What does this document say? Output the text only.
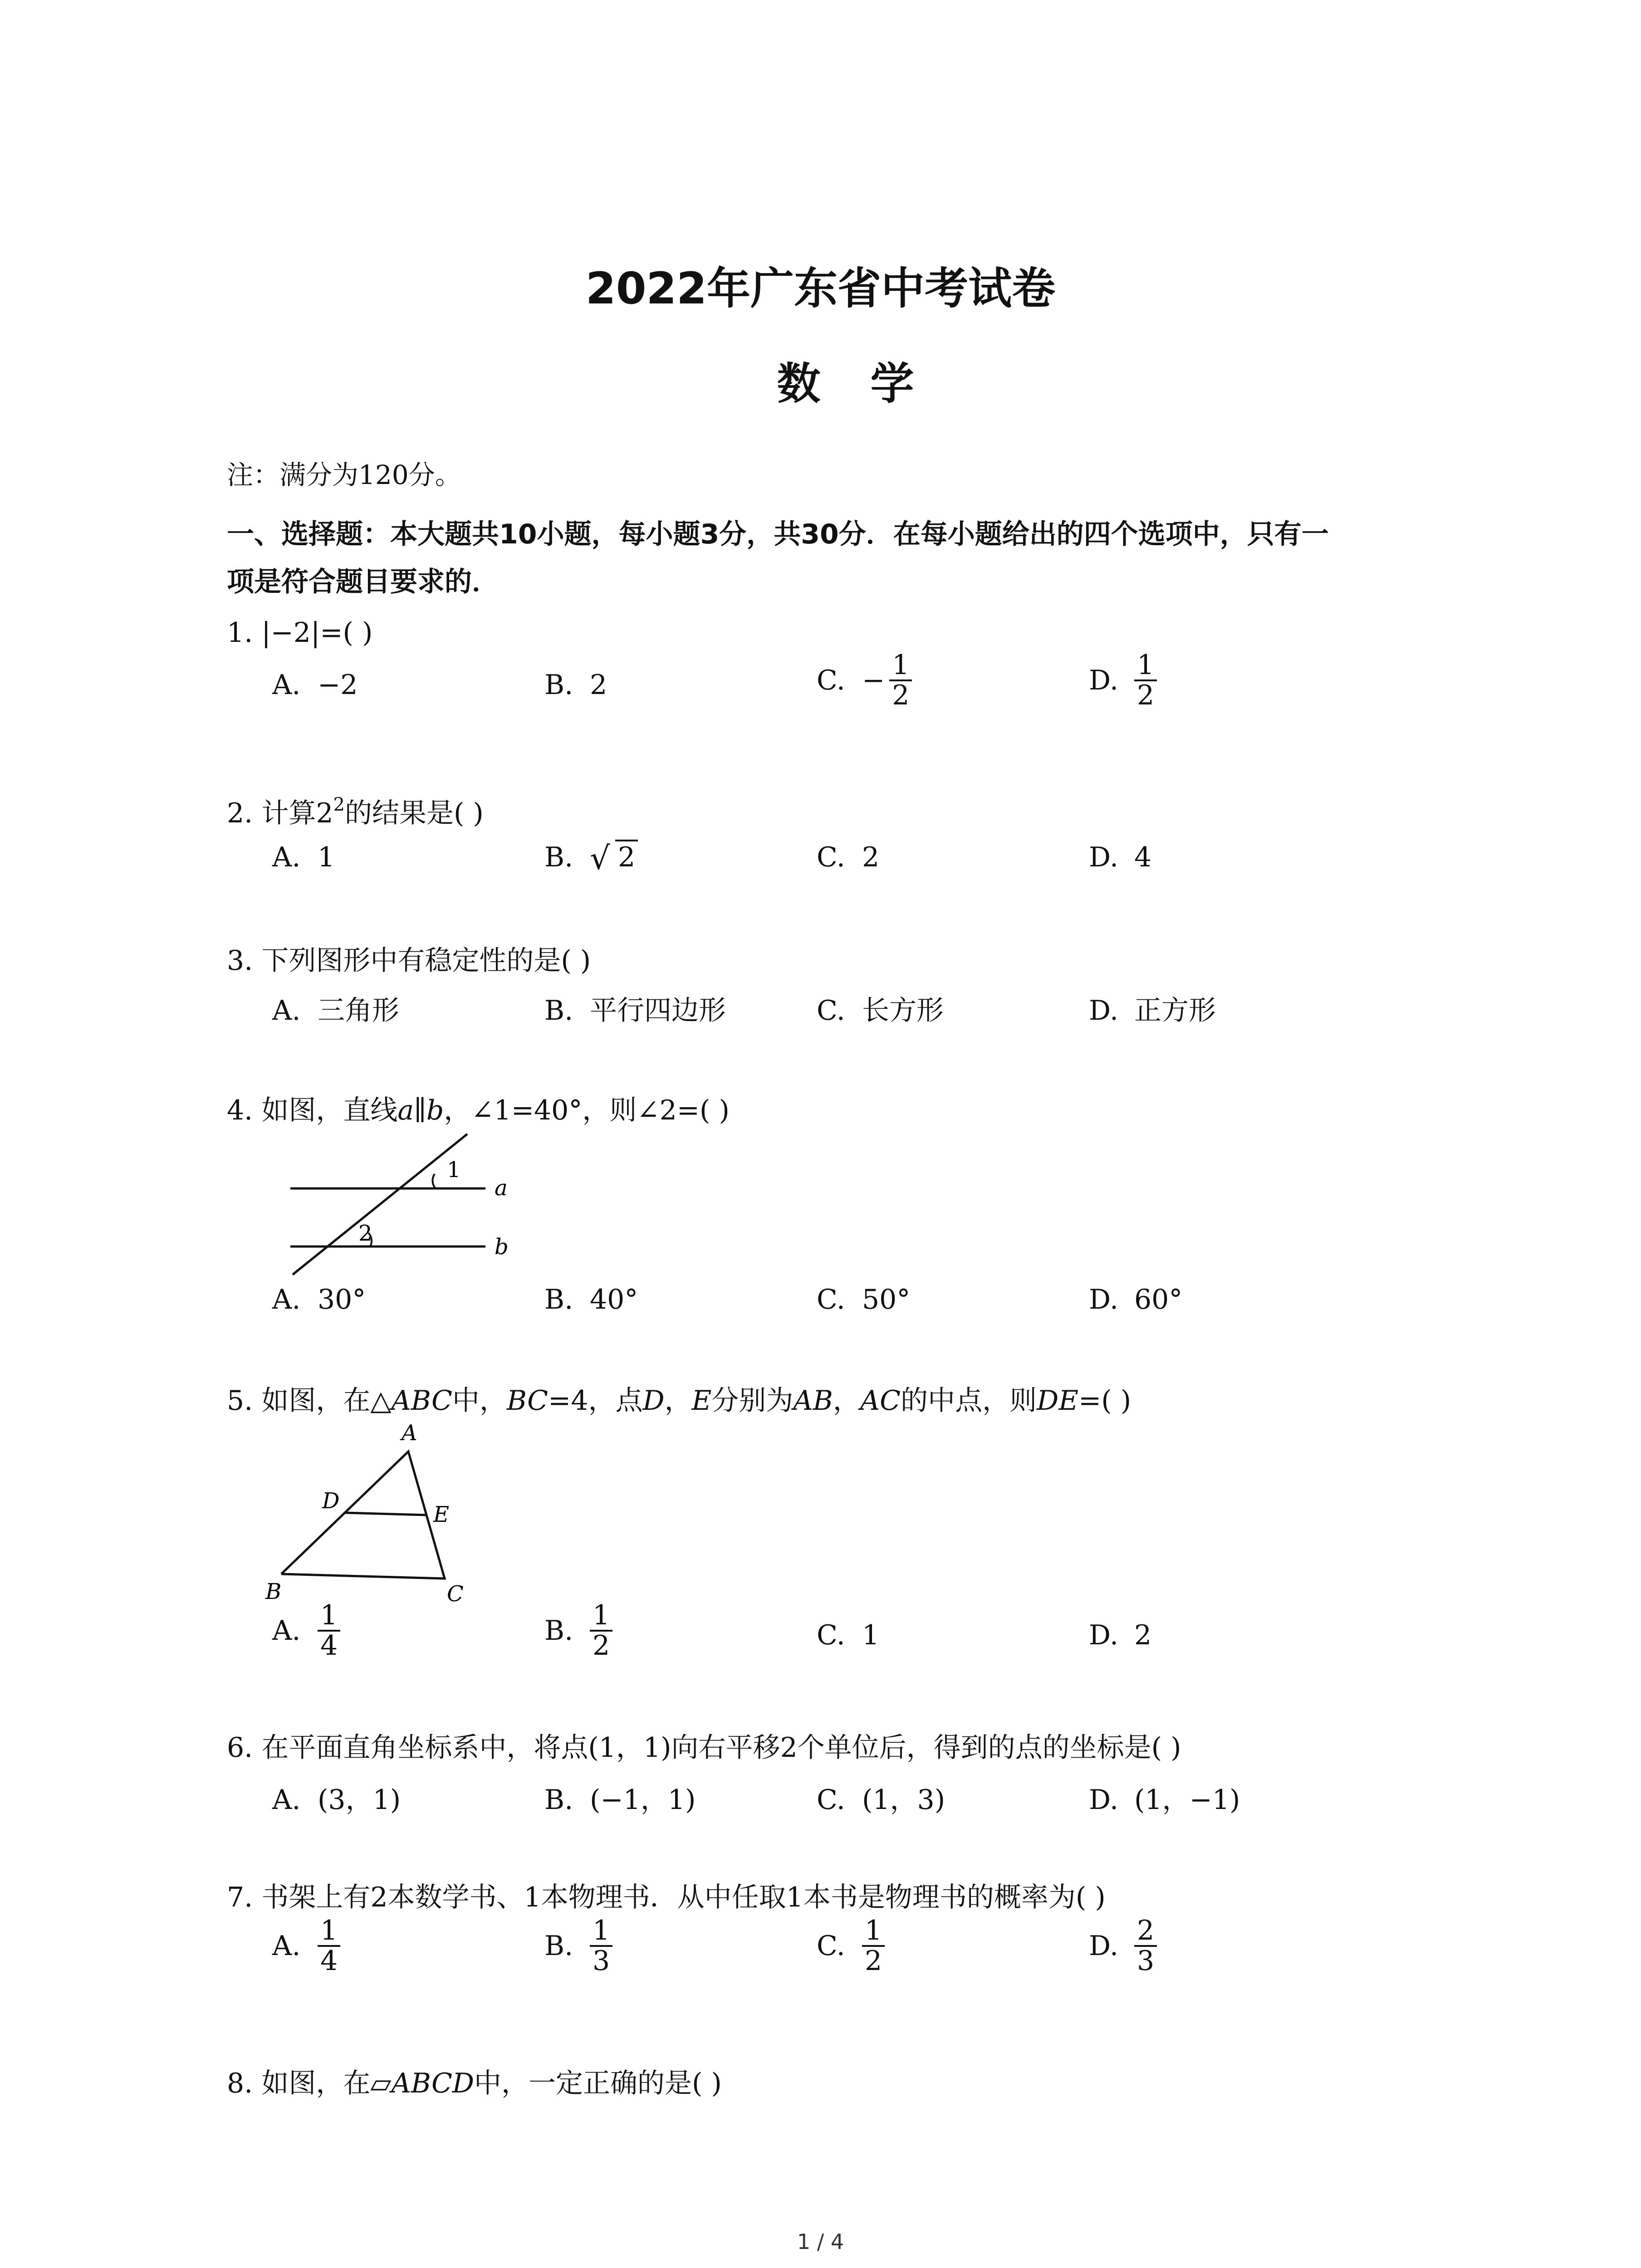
2022年广东省中考试卷
数学
注：满分为120分。
一、选择题：本大题共10小题，每小题3分，共30分．在每小题给出的四个选项中，只有一
项是符合题目要求的．
1. |−2|=( )
A. −2	B. 2	C. − $\frac{1}{2}$	D. $\frac{1}{2}$
2. 计算$2^2$的结果是( )
A. 1	B. √ 2	C. 2	D. 4
3. 下列图形中有稳定性的是( )
A. 三角形	B. 平行四边形	C. 长方形	D. 正方形
4. 如图，直线a∥b，∠1=40°，则∠2=( )
1
2
a
b
A. 30°	B. 40°	C. 50°	D. 60°
5. 如图，在△ABC中，BC=4，点D，E分别为AB，AC的中点，则DE=( )
A
D
E
B	C
A. $\frac{1}{4}$	B. $\frac{1}{2}$	C. 1	D. 2
6. 在平面直角坐标系中，将点(1，1)向右平移2个单位后，得到的点的坐标是( )
A. (3，1)	B. (−1，1)	C. (1，3)	D. (1，−1)
7. 书架上有2本数学书、1本物理书．从中任取1本书是物理书的概率为( )
A. $\frac{1}{4}$	B. $\frac{1}{3}$	C. $\frac{1}{2}$	D. $\frac{2}{3}$
8. 如图，在▱ABCD中，一定正确的是( )
1 / 4
